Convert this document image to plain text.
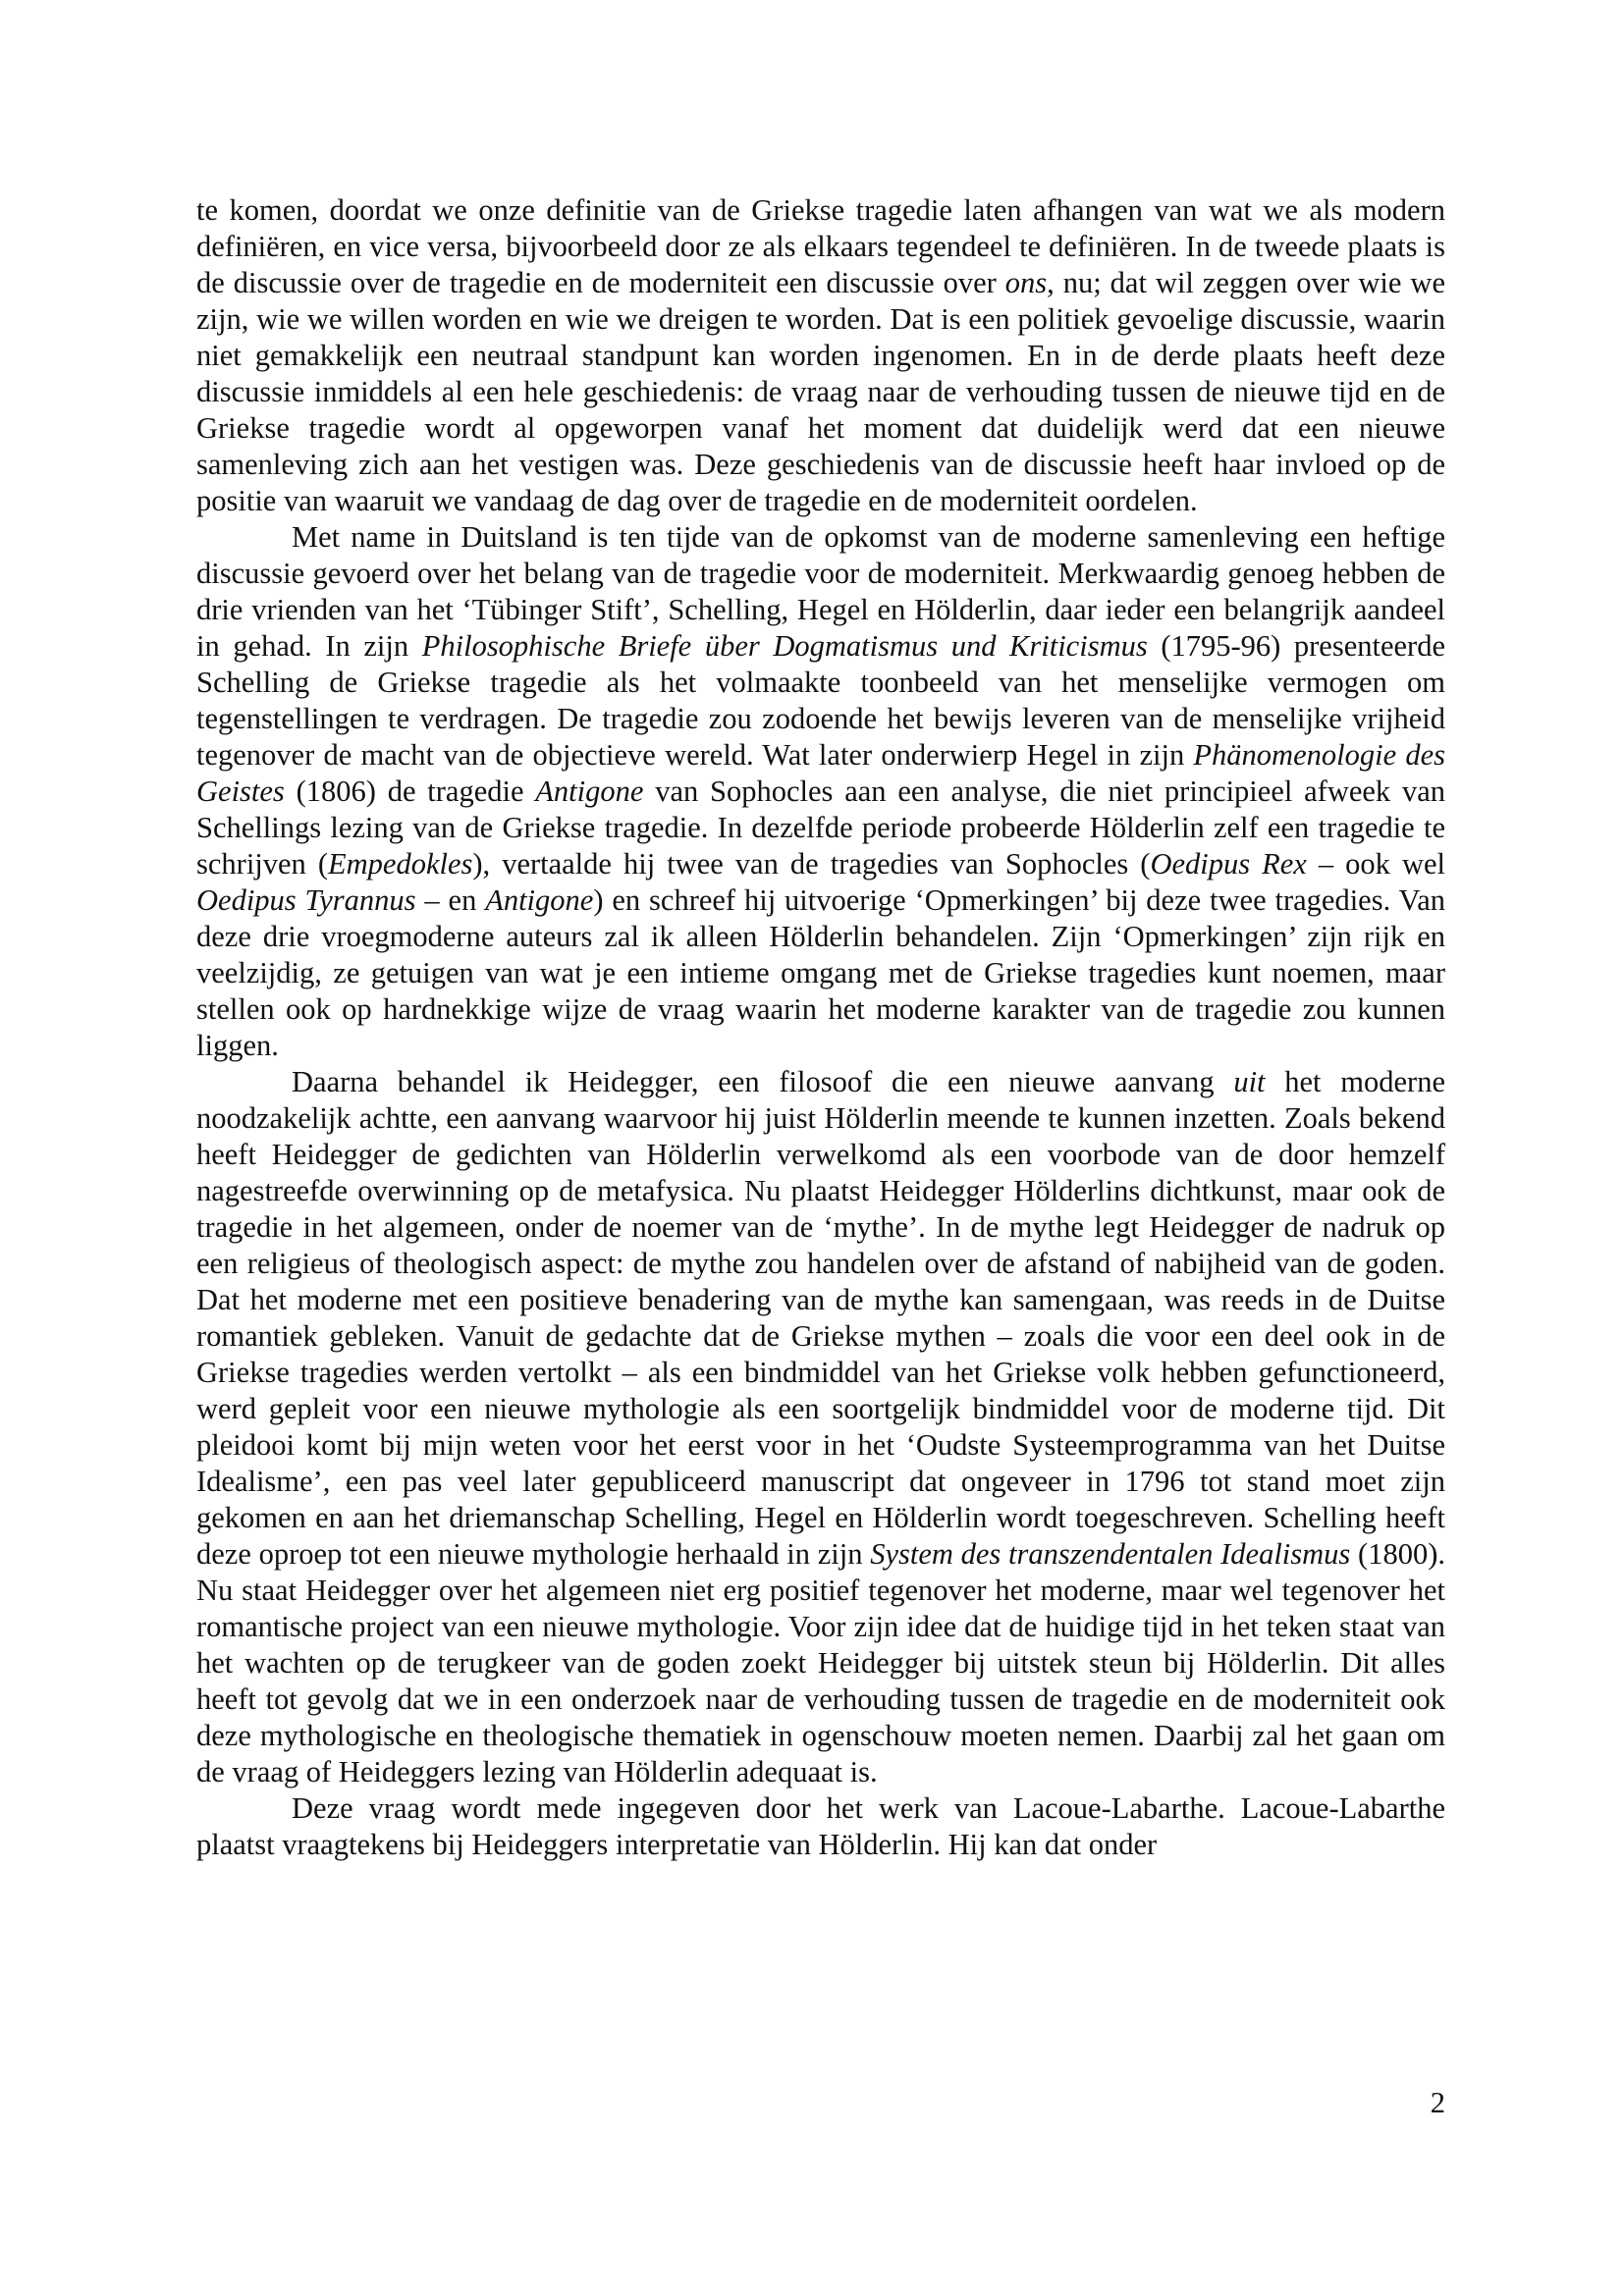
te komen, doordat we onze definitie van de Griekse tragedie laten afhangen van wat we als modern definiëren, en vice versa, bijvoorbeeld door ze als elkaars tegendeel te definiëren. In de tweede plaats is de discussie over de tragedie en de moderniteit een discussie over ons, nu; dat wil zeggen over wie we zijn, wie we willen worden en wie we dreigen te worden. Dat is een politiek gevoelige discussie, waarin niet gemakkelijk een neutraal standpunt kan worden ingenomen. En in de derde plaats heeft deze discussie inmiddels al een hele geschiedenis: de vraag naar de verhouding tussen de nieuwe tijd en de Griekse tragedie wordt al opgeworpen vanaf het moment dat duidelijk werd dat een nieuwe samenleving zich aan het vestigen was. Deze geschiedenis van de discussie heeft haar invloed op de positie van waaruit we vandaag de dag over de tragedie en de moderniteit oordelen.

Met name in Duitsland is ten tijde van de opkomst van de moderne samenleving een heftige discussie gevoerd over het belang van de tragedie voor de moderniteit. Merkwaardig genoeg hebben de drie vrienden van het ‘Tübinger Stift’, Schelling, Hegel en Hölderlin, daar ieder een belangrijk aandeel in gehad. In zijn Philosophische Briefe über Dogmatismus und Kriticismus (1795-96) presenteerde Schelling de Griekse tragedie als het volmaakte toonbeeld van het menselijke vermogen om tegenstellingen te verdragen. De tragedie zou zodoende het bewijs leveren van de menselijke vrijheid tegenover de macht van de objectieve wereld. Wat later onderwierp Hegel in zijn Phänomenologie des Geistes (1806) de tragedie Antigone van Sophocles aan een analyse, die niet principieel afweek van Schellings lezing van de Griekse tragedie. In dezelfde periode probeerde Hölderlin zelf een tragedie te schrijven (Empedokles), vertaalde hij twee van de tragedies van Sophocles (Oedipus Rex – ook wel Oedipus Tyrannus – en Antigone) en schreef hij uitvoerige ‘Opmerkingen’ bij deze twee tragedies. Van deze drie vroegmoderne auteurs zal ik alleen Hölderlin behandelen. Zijn ‘Opmerkingen’ zijn rijk en veelzijdig, ze getuigen van wat je een intieme omgang met de Griekse tragedies kunt noemen, maar stellen ook op hardnekkige wijze de vraag waarin het moderne karakter van de tragedie zou kunnen liggen.

Daarna behandel ik Heidegger, een filosoof die een nieuwe aanvang uit het moderne noodzakelijk achtte, een aanvang waarvoor hij juist Hölderlin meende te kunnen inzetten. Zoals bekend heeft Heidegger de gedichten van Hölderlin verwelkomd als een voorbode van de door hemzelf nagestreefde overwinning op de metafysica. Nu plaatst Heidegger Hölderlins dichtkunst, maar ook de tragedie in het algemeen, onder de noemer van de ‘mythe’. In de mythe legt Heidegger de nadruk op een religieus of theologisch aspect: de mythe zou handelen over de afstand of nabijheid van de goden. Dat het moderne met een positieve benadering van de mythe kan samengaan, was reeds in de Duitse romantiek gebleken. Vanuit de gedachte dat de Griekse mythen – zoals die voor een deel ook in de Griekse tragedies werden vertolkt – als een bindmiddel van het Griekse volk hebben gefunctioneerd, werd gepleit voor een nieuwe mythologie als een soortgelijk bindmiddel voor de moderne tijd. Dit pleidooi komt bij mijn weten voor het eerst voor in het ‘Oudste Systeemprogramma van het Duitse Idealisme’, een pas veel later gepubliceerd manuscript dat ongeveer in 1796 tot stand moet zijn gekomen en aan het driemanschap Schelling, Hegel en Hölderlin wordt toegeschreven. Schelling heeft deze oproep tot een nieuwe mythologie herhaald in zijn System des transzendentalen Idealismus (1800). Nu staat Heidegger over het algemeen niet erg positief tegenover het moderne, maar wel tegenover het romantische project van een nieuwe mythologie. Voor zijn idee dat de huidige tijd in het teken staat van het wachten op de terugkeer van de goden zoekt Heidegger bij uitstek steun bij Hölderlin. Dit alles heeft tot gevolg dat we in een onderzoek naar de verhouding tussen de tragedie en de moderniteit ook deze mythologische en theologische thematiek in ogenschouw moeten nemen. Daarbij zal het gaan om de vraag of Heideggers lezing van Hölderlin adequaat is.

Deze vraag wordt mede ingegeven door het werk van Lacoue-Labarthe. Lacoue-Labarthe plaatst vraagtekens bij Heideggers interpretatie van Hölderlin. Hij kan dat onder

2
